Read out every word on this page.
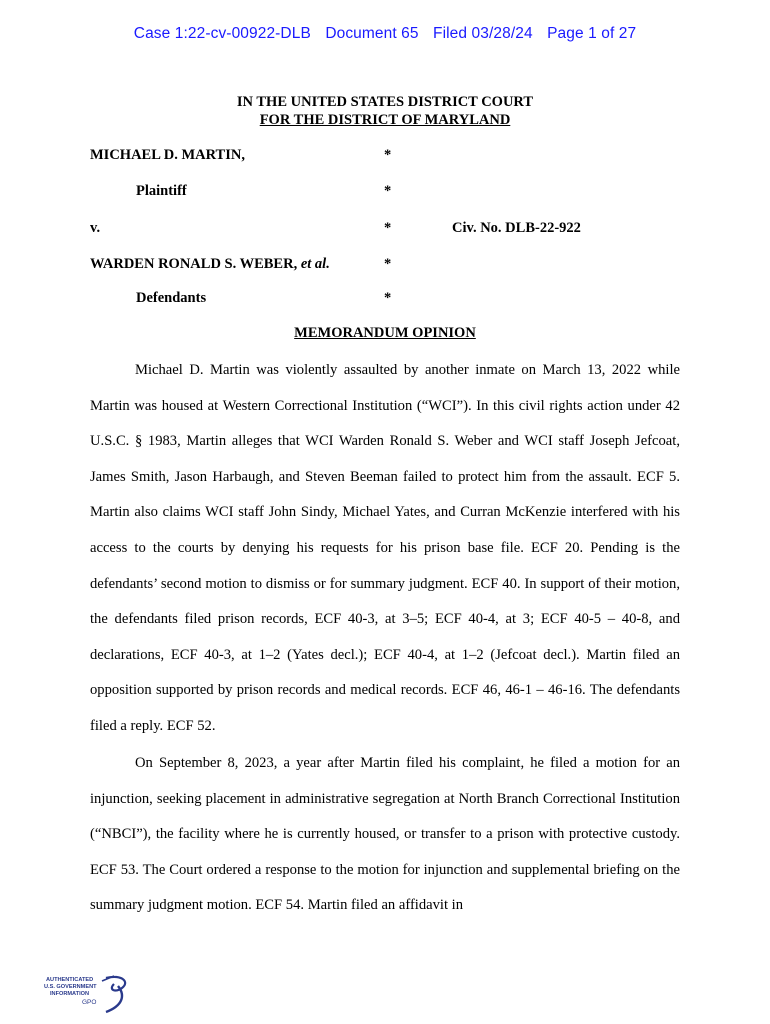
Case 1:22-cv-00922-DLB Document 65 Filed 03/28/24 Page 1 of 27
IN THE UNITED STATES DISTRICT COURT
FOR THE DISTRICT OF MARYLAND
MICHAEL D. MARTIN,	*
Plaintiff	*
v.	*	Civ. No. DLB-22-922
WARDEN RONALD S. WEBER, et al.	*
Defendants	*
MEMORANDUM OPINION

Michael D. Martin was violently assaulted by another inmate on March 13, 2022 while Martin was housed at Western Correctional Institution (“WCI”). In this civil rights action under 42 U.S.C. § 1983, Martin alleges that WCI Warden Ronald S. Weber and WCI staff Joseph Jefcoat, James Smith, Jason Harbaugh, and Steven Beeman failed to protect him from the assault. ECF 5. Martin also claims WCI staff John Sindy, Michael Yates, and Curran McKenzie interfered with his access to the courts by denying his requests for his prison base file. ECF 20. Pending is the defendants’ second motion to dismiss or for summary judgment. ECF 40. In support of their motion, the defendants filed prison records, ECF 40-3, at 3–5; ECF 40-4, at 3; ECF 40-5 – 40-8, and declarations, ECF 40-3, at 1–2 (Yates decl.); ECF 40-4, at 1–2 (Jefcoat decl.). Martin filed an opposition supported by prison records and medical records. ECF 46, 46-1 – 46-16. The defendants filed a reply. ECF 52.

On September 8, 2023, a year after Martin filed his complaint, he filed a motion for an injunction, seeking placement in administrative segregation at North Branch Correctional Institution (“NBCI”), the facility where he is currently housed, or transfer to a prison with protective custody. ECF 53. The Court ordered a response to the motion for injunction and supplemental briefing on the summary judgment motion. ECF 54. Martin filed an affidavit in

AUTHENTICATED
U.S. GOVERNMENT
INFORMATION
GPO
